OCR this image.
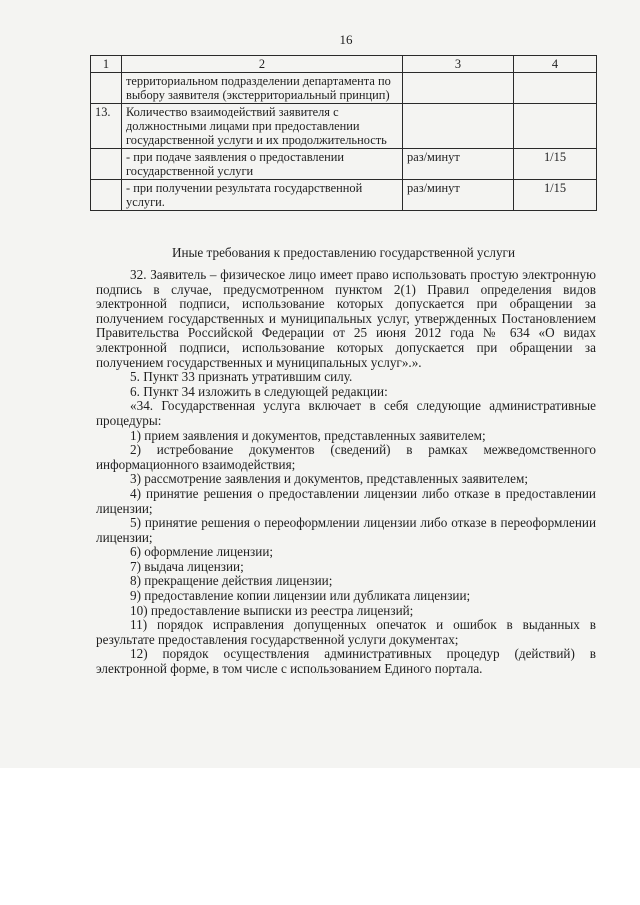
16
1	2	3	4
	территориальном подразделении департамента по выбору заявителя (экстерриториальный принцип)		
13.	Количество взаимодействий заявителя с должностными лицами при предоставлении государственной услуги и их продолжительность		
	- при подаче заявления о предоставлении государственной услуги	раз/минут	1/15
	- при получении результата государственной услуги.	раз/минут	1/15
Иные требования к предоставлению государственной услуги

32. Заявитель – физическое лицо имеет право использовать простую электронную подпись в случае, предусмотренном пунктом 2(1) Правил определения видов электронной подписи, использование которых допускается при обращении за получением государственных и муниципальных услуг, утвержденных Постановлением Правительства Российской Федерации от 25 июня 2012 года № 634 «О видах электронной подписи, использование которых допускается при обращении за получением государственных и муниципальных услуг».».

5. Пункт 33 признать утратившим силу.

6. Пункт 34 изложить в следующей редакции:

«34. Государственная услуга включает в себя следующие административные процедуры:

1) прием заявления и документов, представленных заявителем;

2) истребование документов (сведений) в рамках межведомственного информационного взаимодействия;

3) рассмотрение заявления и документов, представленных заявителем;

4) принятие решения о предоставлении лицензии либо отказе в предоставлении лицензии;

5) принятие решения о переоформлении лицензии либо отказе в переоформлении лицензии;

6) оформление лицензии;

7) выдача лицензии;

8) прекращение действия лицензии;

9) предоставление копии лицензии или дубликата лицензии;

10) предоставление выписки из реестра лицензий;

11) порядок исправления допущенных опечаток и ошибок в выданных в результате предоставления государственной услуги документах;

12) порядок осуществления административных процедур (действий) в электронной форме, в том числе с использованием Единого портала.
